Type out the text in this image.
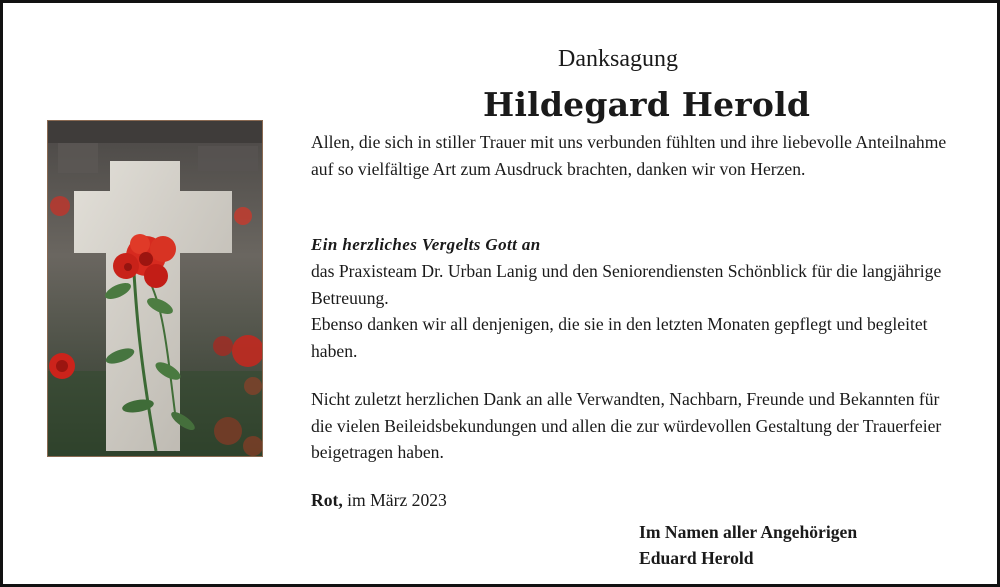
Danksagung
Hildegard Herold
Allen, die sich in stiller Trauer mit uns verbunden fühlten und ihre liebevolle Anteilnahme auf so vielfältige Art zum Ausdruck brachten, danken wir von Herzen.
Ein herzliches Vergelts Gott an
das Praxisteam Dr. Urban Lanig und den Seniorendiensten Schönblick für die langjährige Betreuung.
Ebenso danken wir all denjenigen, die sie in den letzten Monaten gepflegt und begleitet haben.
Nicht zuletzt herzlichen Dank an alle Verwandten, Nachbarn, Freunde und Bekannten für die vielen Beileidsbekundungen und allen die zur würdevollen Gestaltung der Trauerfeier beigetragen haben.
Rot, im März 2023
Im Namen aller Angehörigen
Eduard Herold
